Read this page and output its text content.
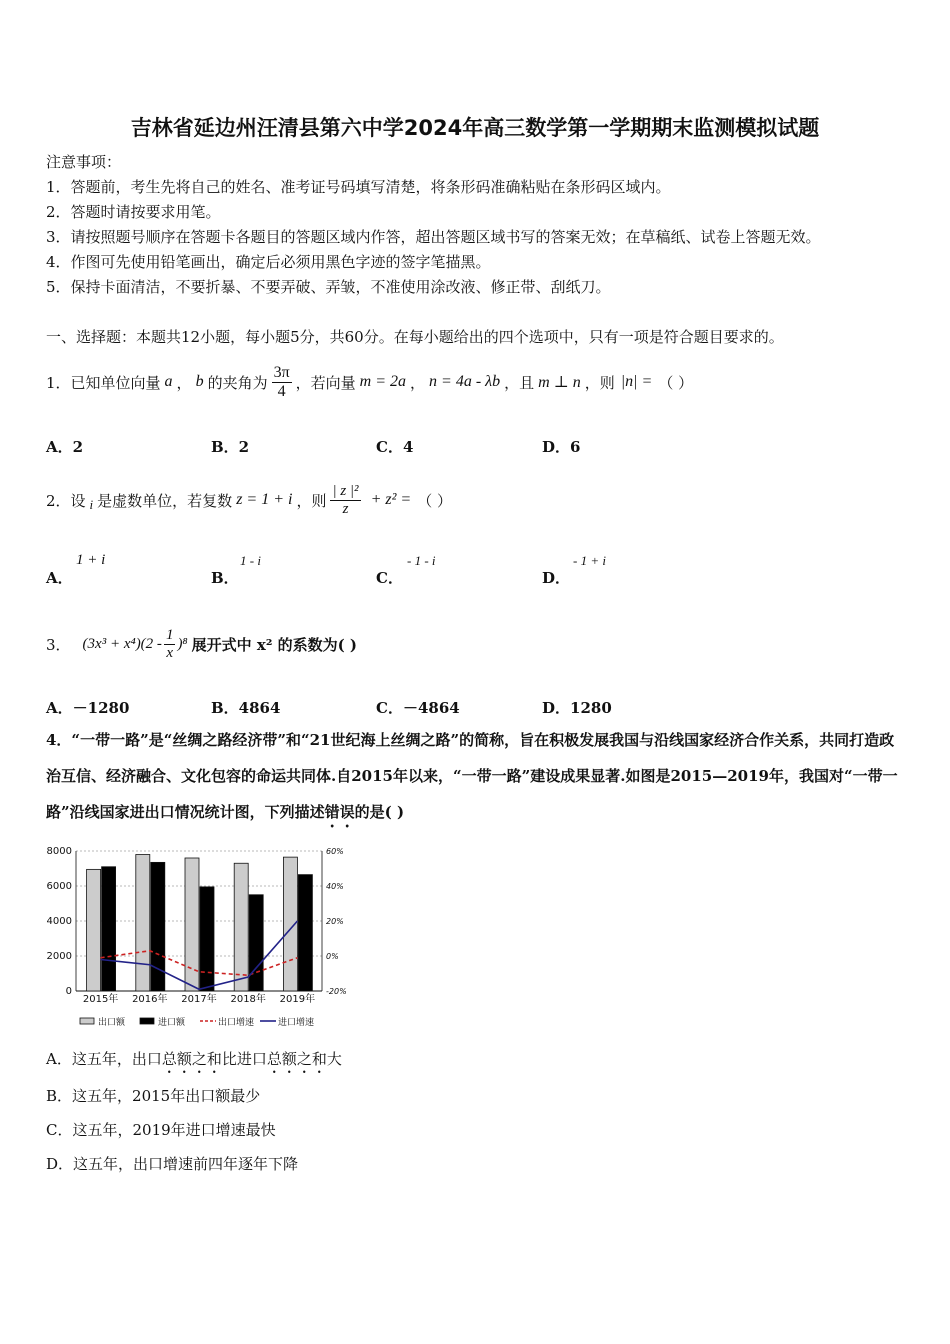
吉林省延边州汪清县第六中学2024年高三数学第一学期期末监测模拟试题
注意事项：
1．答题前，考生先将自己的姓名、准考证号码填写清楚，将条形码准确粘贴在条形码区域内。
2．答题时请按要求用笔。
3．请按照题号顺序在答题卡各题目的答题区域内作答，超出答题区域书写的答案无效；在草稿纸、试卷上答题无效。
4．作图可先使用铅笔画出，确定后必须用黑色字迹的签字笔描黑。
5．保持卡面清洁，不要折暴、不要弄破、弄皱，不准使用涂改液、修正带、刮纸刀。
一、选择题：本题共12小题，每小题5分，共60分。在每小题给出的四个选项中，只有一项是符合题目要求的。
1．已知单位向量 a ， b 的夹角为 $\frac{3\pi}{4}$ ，若向量 m = 2a ， n = 4a - λb ，且 m ⊥ n ，则 |n| = （ ）
A．2	B．2	C．4	D．6
2．设 i 是虚数单位，若复数 z = 1 + i ，则 $\frac{\text{| z |²}}{z} + z^2$ = （ ）
A．
1 + i
B．
1 - i
C．
- 1 - i
D．
- 1 + i
3． $(3x^3 + x^4)(2 - \frac{1}{x} )^8$ 展开式中 x² 的系数为( )
A．－1280	B．4864	C．－4864	D．1280
4．“一带一路”是“丝绸之路经济带”和“21世纪海上丝绸之路”的简称，旨在积极发展我国与沿线国家经济合作关系，共同打造政治互信、经济融合、文化包容的命运共同体.自2015年以来，“一带一路”建设成果显著.如图是2015—2019年，我国对“一带一路”沿线国家进出口情况统计图，下列描述错误的是( )
0
2000
4000
6000
8000
-20%
0%
20%
40%
60%
2015年 2016年 2017年 2018年 2019年
出口额	进口额	出口增速	进口增速
A．这五年，出口总额之和比进口总额之和大
B．这五年，2015年出口额最少
C．这五年，2019年进口增速最快
D．这五年，出口增速前四年逐年下降
